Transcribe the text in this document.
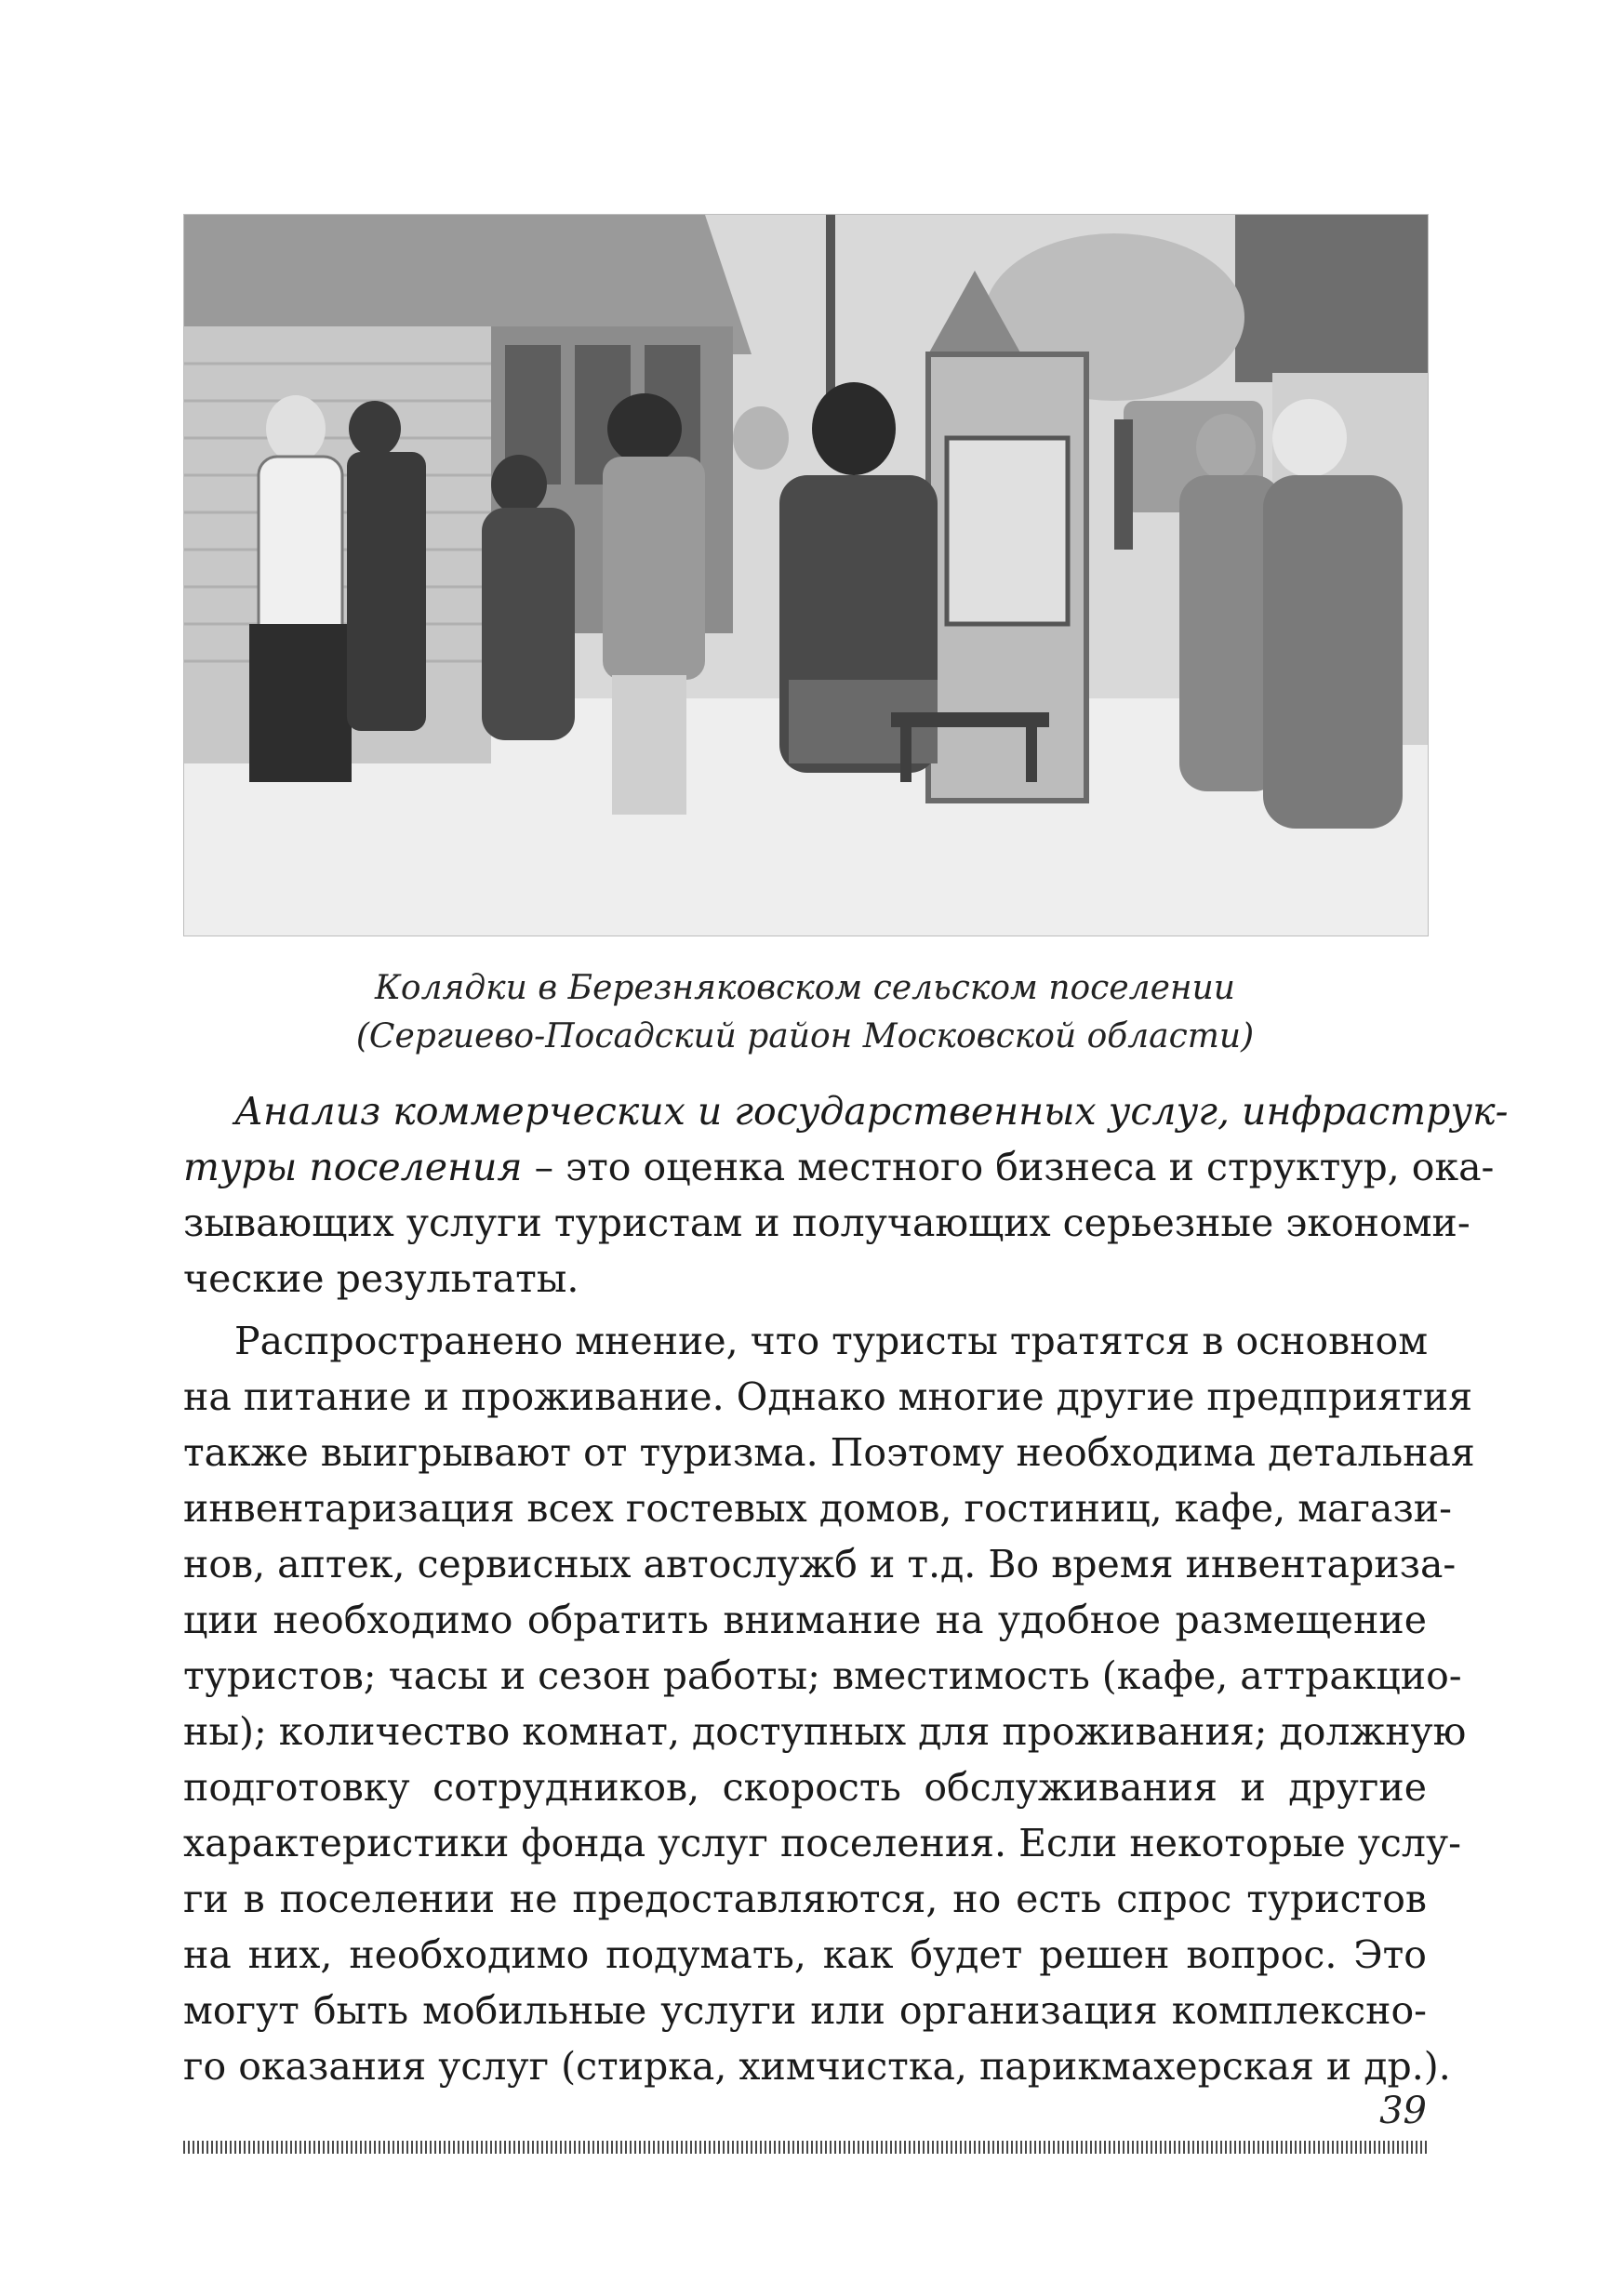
Колядки в Березняковском сельском поселении
(Сергиево-Посадский район Московской области)
Анализ коммерческих и государственных услуг, инфраструк-
туры поселения – это оценка местного бизнеса и структур, ока-
зывающих услуги туристам и получающих серьезные экономи-
ческие результаты.
Распространено мнение, что туристы тратятся в основном
на питание и проживание. Однако многие другие предприятия
также выигрывают от туризма. Поэтому необходима детальная
инвентаризация всех гостевых домов, гостиниц, кафе, магази-
нов, аптек, сервисных автослужб и т.д. Во время инвентариза-
ции необходимо обратить внимание на удобное размещение
туристов; часы и сезон работы; вместимость (кафе, аттракцио-
ны); количество комнат, доступных для проживания; должную
подготовку сотрудников, скорость обслуживания и другие
характеристики фонда услуг поселения. Если некоторые услу-
ги в поселении не предоставляются, но есть спрос туристов
на них, необходимо подумать, как будет решен вопрос. Это
могут быть мобильные услуги или организация комплексно-
го оказания услуг (стирка, химчистка, парикмахерская и др.).
39
